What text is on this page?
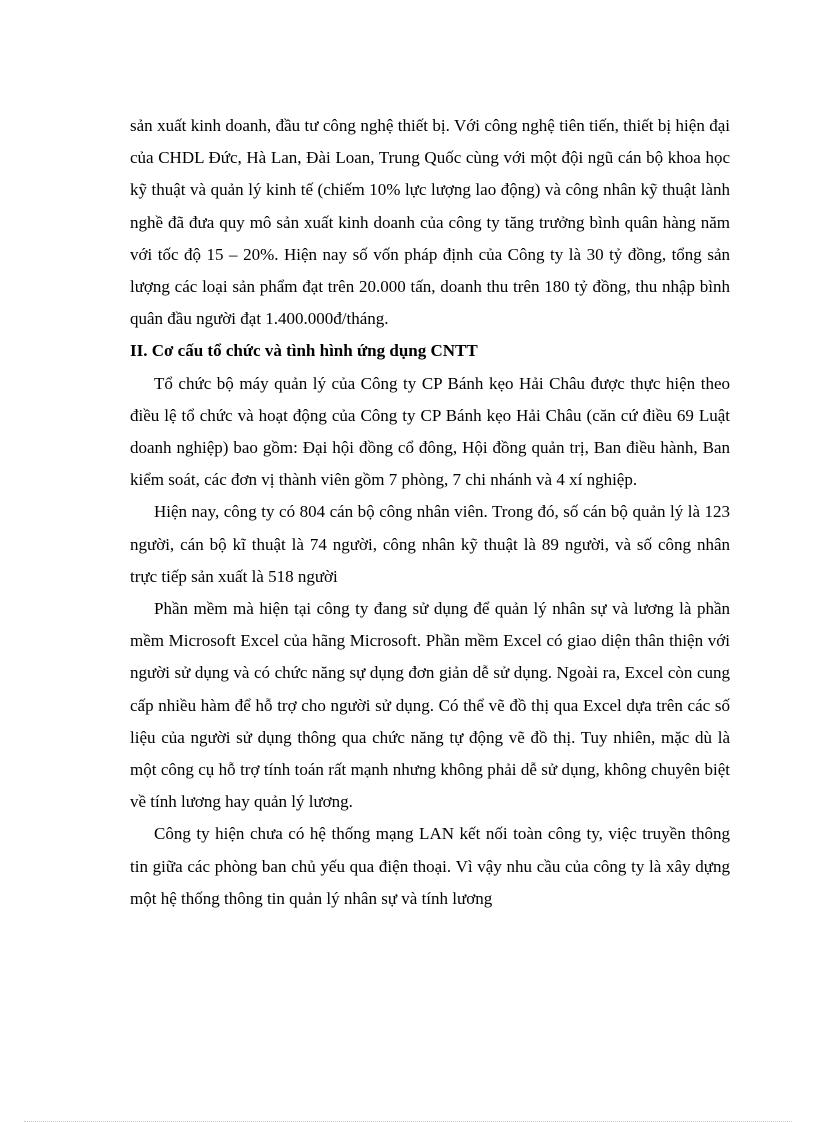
sản xuất kinh doanh, đầu tư công nghệ thiết bị. Với công nghệ tiên tiến, thiết bị hiện đại của CHDL Đức, Hà Lan, Đài Loan, Trung Quốc cùng với một đội ngũ cán bộ khoa học kỹ thuật và quản lý kinh tế (chiếm 10% lực lượng lao động) và công nhân kỹ thuật lành nghề đã đưa quy mô sản xuất kinh doanh của công ty tăng trưởng bình quân hàng năm với tốc độ 15 – 20%. Hiện nay số vốn pháp định của Công ty là 30 tỷ đồng, tổng sản lượng các loại sản phẩm đạt trên 20.000 tấn, doanh thu trên 180 tỷ đồng, thu nhập bình quân đầu người đạt 1.400.000đ/tháng.

II. Cơ cấu tổ chức và tình hình ứng dụng CNTT

Tổ chức bộ máy quản lý của Công ty CP Bánh kẹo Hải Châu được thực hiện theo điều lệ tổ chức và hoạt động của Công ty CP Bánh kẹo Hải Châu (căn cứ điều 69 Luật doanh nghiệp) bao gồm: Đại hội đồng cổ đông, Hội đồng quản trị, Ban điều hành, Ban kiểm soát, các đơn vị thành viên gồm 7 phòng, 7 chi nhánh và 4 xí nghiệp.

Hiện nay, công ty có 804 cán bộ công nhân viên. Trong đó, số cán bộ quản lý là 123 người, cán bộ kĩ thuật là 74 người, công nhân kỹ thuật là 89 người, và số công nhân trực tiếp sản xuất là 518 người

Phần mềm mà hiện tại công ty đang sử dụng để quản lý nhân sự và lương là phần mềm Microsoft Excel của hãng Microsoft. Phần mềm Excel có giao diện thân thiện với người sử dụng và có chức năng sự dụng đơn giản dễ sử dụng. Ngoài ra, Excel còn cung cấp nhiều hàm để hỗ trợ cho người sử dụng. Có thể vẽ đồ thị qua Excel dựa trên các số liệu của người sử dụng thông qua chức năng tự động vẽ đồ thị. Tuy nhiên, mặc dù là một công cụ hỗ trợ tính toán rất mạnh nhưng không phải dễ sử dụng, không chuyên biệt về tính lương hay quản lý lương.

Công ty hiện chưa có hệ thống mạng LAN kết nối toàn công ty, việc truyền thông tin giữa các phòng ban chủ yếu qua điện thoại. Vì vậy nhu cầu của công ty là xây dựng một hệ thống thông tin quản lý nhân sự và tính lương
